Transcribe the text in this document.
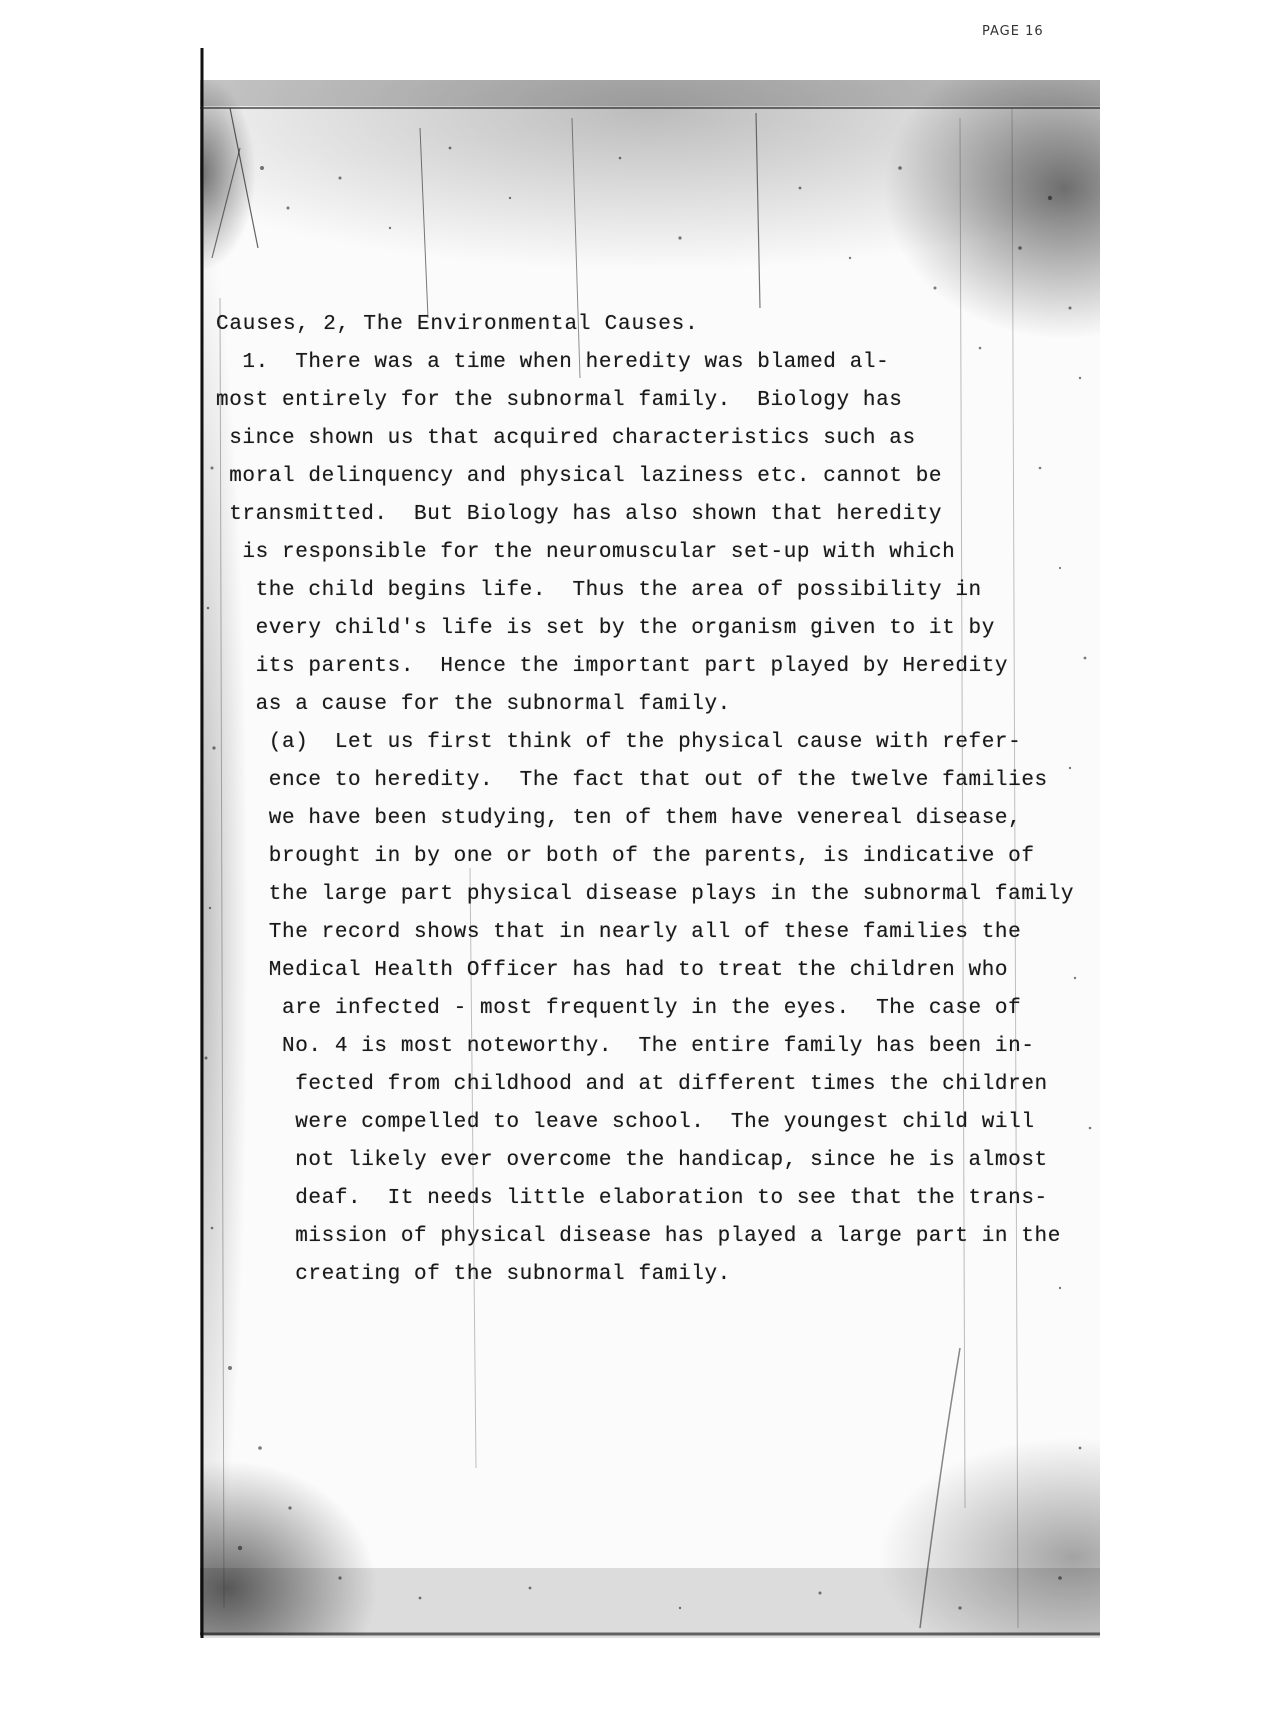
PAGE 16
Causes, 2, The Environmental Causes.
1.  There was a time when heredity was blamed al-
most entirely for the subnormal family.  Biology has
since shown us that acquired characteristics such as
moral delinquency and physical laziness etc. cannot be
transmitted.  But Biology has also shown that heredity
is responsible for the neuromuscular set-up with which
the child begins life.  Thus the area of possibility in
every child's life is set by the organism given to it by
its parents.  Hence the important part played by Heredity
as a cause for the subnormal family.
(a)  Let us first think of the physical cause with refer-
ence to heredity.  The fact that out of the twelve families
we have been studying, ten of them have venereal disease,
brought in by one or both of the parents, is indicative of
the large part physical disease plays in the subnormal family
The record shows that in nearly all of these families the
Medical Health Officer has had to treat the children who
are infected - most frequently in the eyes.  The case of
No. 4 is most noteworthy.  The entire family has been in-
fected from childhood and at different times the children
were compelled to leave school.  The youngest child will
not likely ever overcome the handicap, since he is almost
deaf.  It needs little elaboration to see that the trans-
mission of physical disease has played a large part in the
creating of the subnormal family.
